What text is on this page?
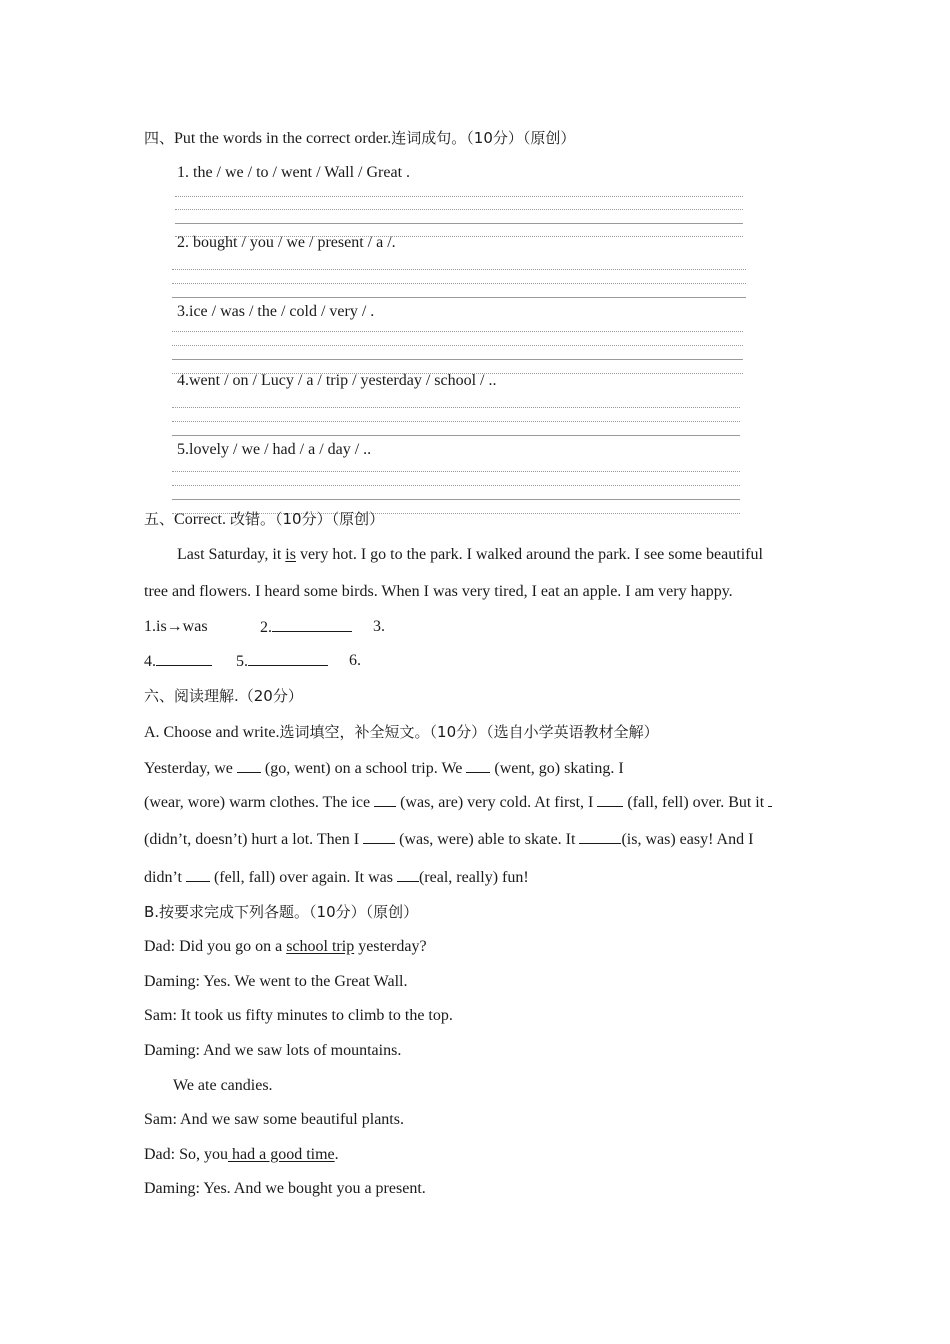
四、Put the words in the correct order.连词成句。（10分）（原创）
1. the / we / to / went / Wall / Great .
2. bought / you / we / present / a /.
3.ice / was / the / cold / very / .
4.went / on / Lucy / a / trip / yesterday / school / ..
5.lovely / we / had / a / day / ..
五、Correct. 改错。（10分）（原创）
Last Saturday, it is very hot. I go to the park. I walked around the park. I see some beautiful
tree and flowers. I heard some birds. When I was very tired, I eat an apple. I am very happy.
1.is→was	2.	3.
4.	5.	6.
六、阅读理解.（20分）
A. Choose and write.选词填空，补全短文。（10分）（选自小学英语教材全解）
Yesterday, we  (go, went) on a school trip. We  (went, go) skating. I
(wear, wore) warm clothes. The ice  (was, are) very cold. At first, I  (fall, fell) over. But it
(didn’t, doesn’t) hurt a lot. Then I  (was, were) able to skate. It	(is, was) easy! And I
didn’t  (fell, fall) over again. It was (real, really) fun!
B.按要求完成下列各题。（10分）（原创）
Dad: Did you go on a school trip yesterday?
Daming: Yes. We went to the Great Wall.
Sam: It took us fifty minutes to climb to the top.
Daming: And we saw lots of mountains.
We ate candies.
Sam: And we saw some beautiful plants.
Dad: So, you had a good time.
Daming: Yes. And we bought you a present.
